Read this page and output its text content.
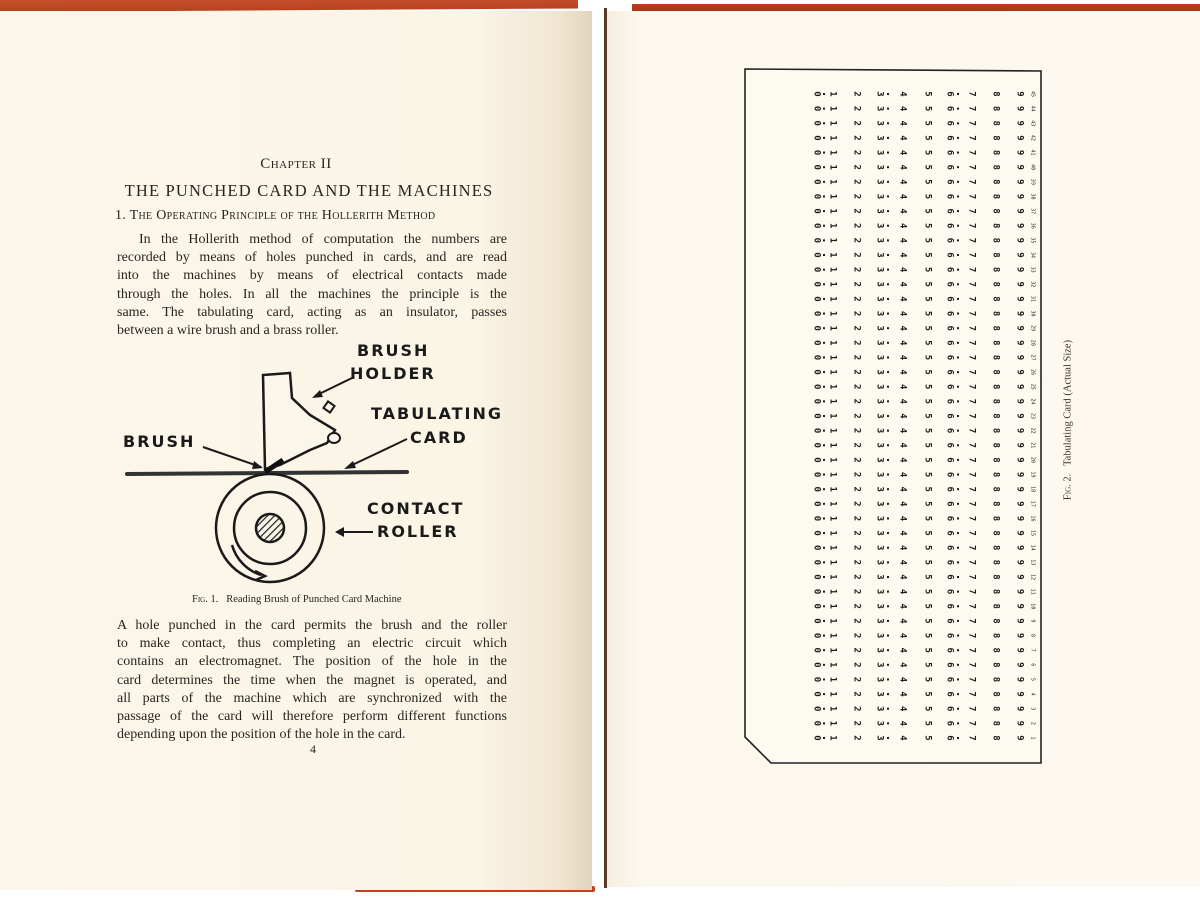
Chapter II
THE PUNCHED CARD AND THE MACHINES
1. The Operating Principle of the Hollerith Method
In the Hollerith method of computation the numbers are
recorded by means of holes punched in cards, and are read
into the machines by means of electrical contacts made
through the holes. In all the machines the principle is the
same. The tabulating card, acting as an insulator, passes
between a wire brush and a brass roller.
BRUSH
HOLDER
TABULATING
CARD
BRUSH
CONTACT
ROLLER
Fig. 1. Reading Brush of Punched Card Machine
A hole punched in the card permits the brush and the roller
to make contact, thus completing an electric circuit which
contains an electromagnet. The position of the hole in the
card determines the time when the magnet is operated, and
all parts of the machine which are synchronized with the
passage of the card will therefore perform different functions
depending upon the position of the hole in the card.
4
0 1 2 3 4 5 6 7 8 9 45
0 1 2 3 4 5 6 7 8 9 44
0 1 2 3 4 5 6 7 8 9 43
0 1 2 3 4 5 6 7 8 9 42
0 1 2 3 4 5 6 7 8 9 41
0 1 2 3 4 5 6 7 8 9 40
0 1 2 3 4 5 6 7 8 9 39
0 1 2 3 4 5 6 7 8 9 38
0 1 2 3 4 5 6 7 8 9 37
0 1 2 3 4 5 6 7 8 9 36
0 1 2 3 4 5 6 7 8 9 35
0 1 2 3 4 5 6 7 8 9 34
0 1 2 3 4 5 6 7 8 9 33
0 1 2 3 4 5 6 7 8 9 32
0 1 2 3 4 5 6 7 8 9 31
0 1 2 3 4 5 6 7 8 9 30
0 1 2 3 4 5 6 7 8 9 29
0 1 2 3 4 5 6 7 8 9 28
0 1 2 3 4 5 6 7 8 9 27
0 1 2 3 4 5 6 7 8 9 26
0 1 2 3 4 5 6 7 8 9 25
0 1 2 3 4 5 6 7 8 9 24
0 1 2 3 4 5 6 7 8 9 23
0 1 2 3 4 5 6 7 8 9 22
0 1 2 3 4 5 6 7 8 9 21
0 1 2 3 4 5 6 7 8 9 20
0 1 2 3 4 5 6 7 8 9 19
0 1 2 3 4 5 6 7 8 9 18
0 1 2 3 4 5 6 7 8 9 17
0 1 2 3 4 5 6 7 8 9 16
0 1 2 3 4 5 6 7 8 9 15
0 1 2 3 4 5 6 7 8 9 14
0 1 2 3 4 5 6 7 8 9 13
0 1 2 3 4 5 6 7 8 9 12
0 1 2 3 4 5 6 7 8 9 11
0 1 2 3 4 5 6 7 8 9 10
0 1 2 3 4 5 6 7 8 9 9
0 1 2 3 4 5 6 7 8 9 8
0 1 2 3 4 5 6 7 8 9 7
0 1 2 3 4 5 6 7 8 9 6
0 1 2 3 4 5 6 7 8 9 5
0 1 2 3 4 5 6 7 8 9 4
0 1 2 3 4 5 6 7 8 9 3
0 1 2 3 4 5 6 7 8 9 2
0 1 2 3 4 5 6 7 8 9 1
Fig. 2.   Tabulating Card (Actual Size)
